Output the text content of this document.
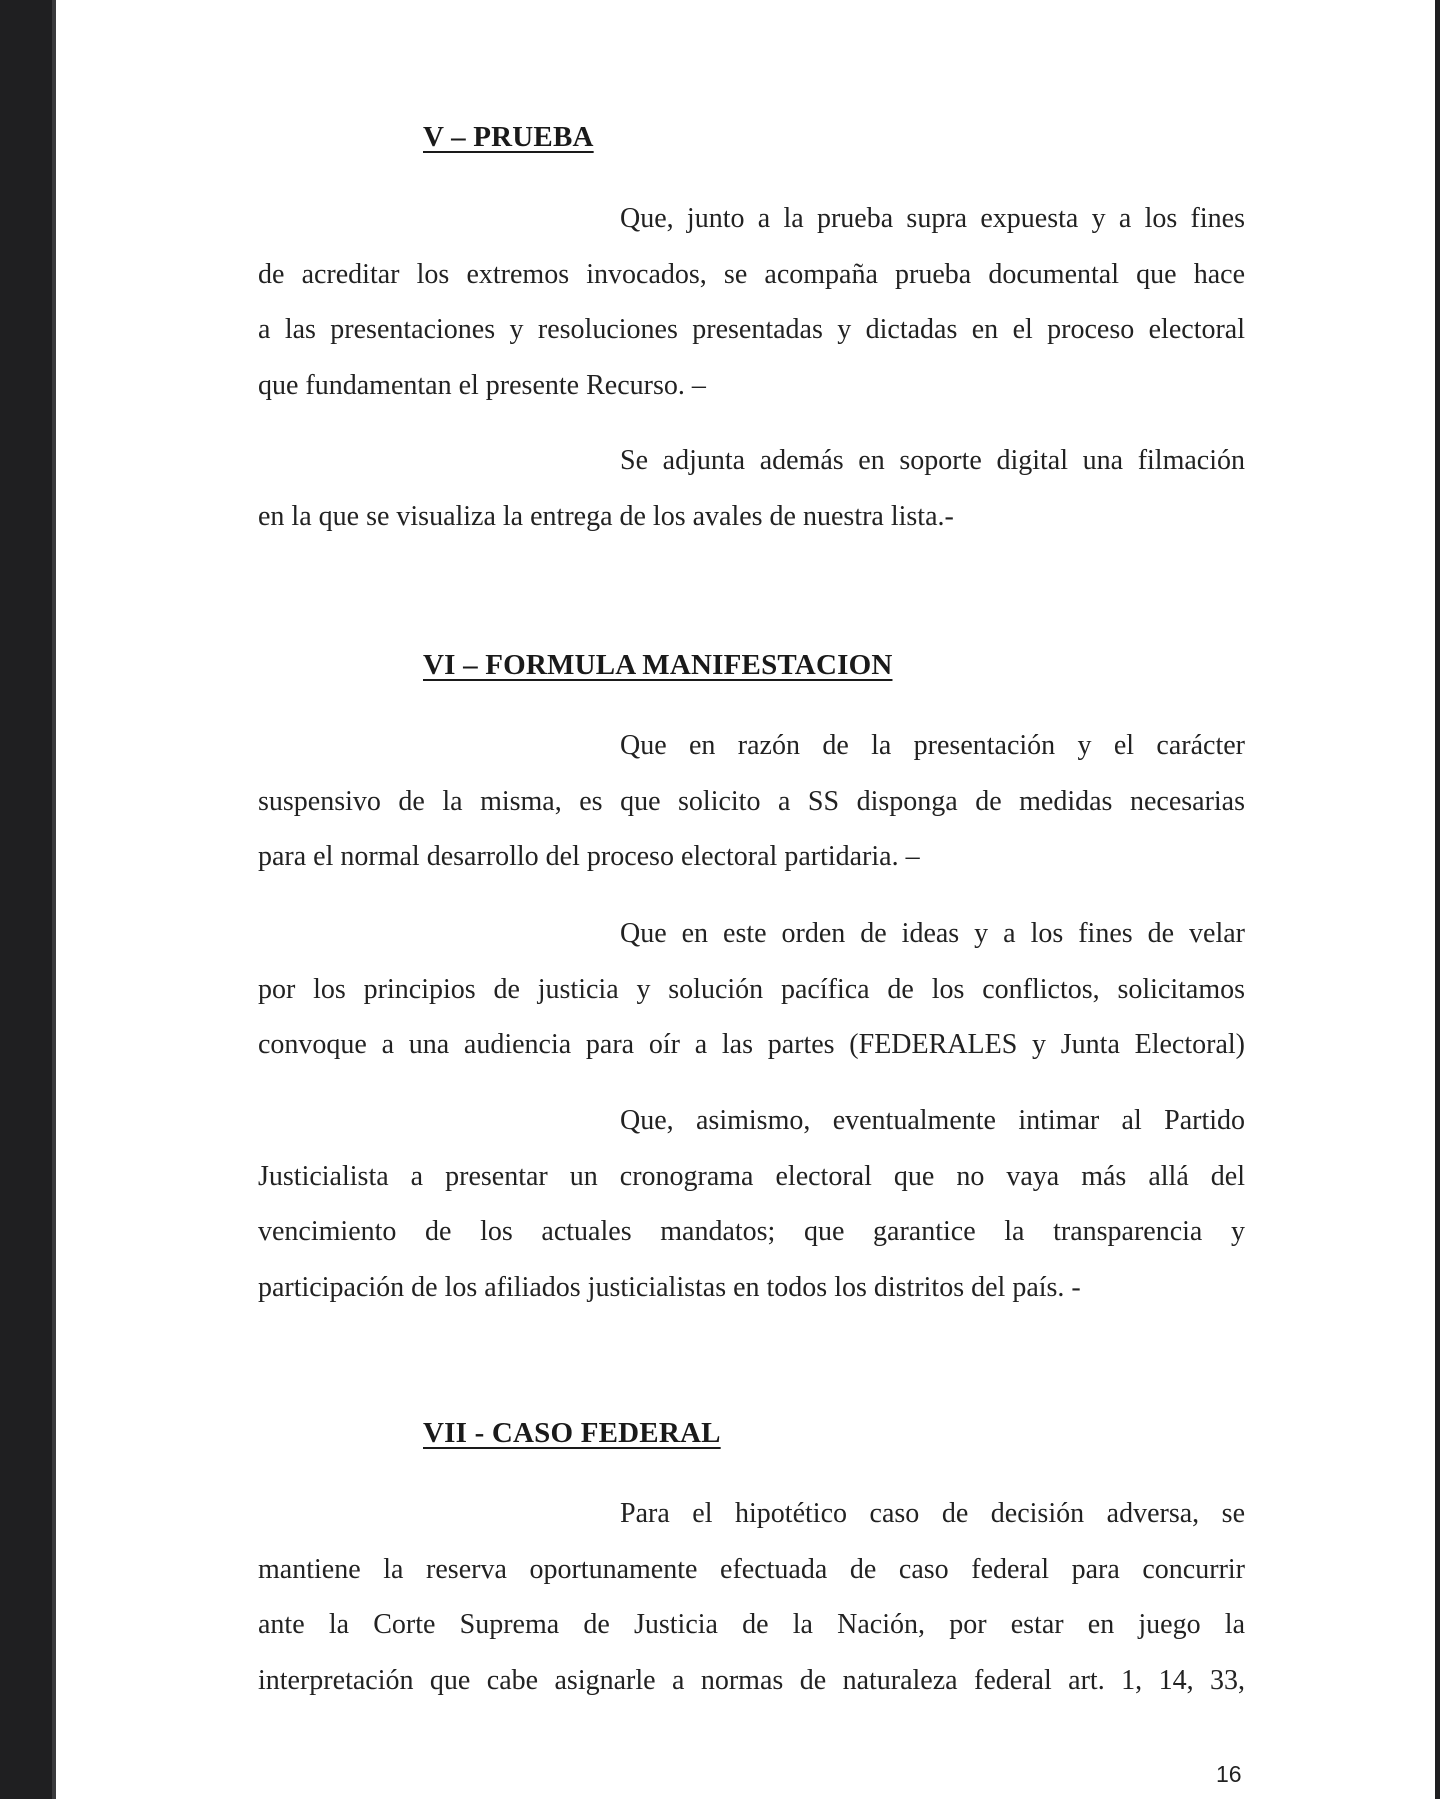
V – PRUEBA
Que, junto a la prueba supra expuesta y a los fines
de acreditar los extremos invocados, se acompaña prueba documental que hace
a las presentaciones y resoluciones presentadas y dictadas en el proceso electoral
que fundamentan el presente Recurso. –
Se adjunta además en soporte digital una filmación
en la que se visualiza la entrega de los avales de nuestra lista.-
VI – FORMULA MANIFESTACION
Que en razón de la presentación y el carácter
suspensivo de la misma, es que solicito a SS disponga de medidas necesarias
para el normal desarrollo del proceso electoral partidaria. –
Que en este orden de ideas y a los fines de velar
por los principios de justicia y solución pacífica de los conflictos, solicitamos
convoque a una audiencia para oír a las partes (FEDERALES y Junta Electoral)
Que, asimismo, eventualmente intimar al Partido
Justicialista a presentar un cronograma electoral que no vaya más allá del
vencimiento de los actuales mandatos; que garantice la transparencia y
participación de los afiliados justicialistas en todos los distritos del país. -
VII - CASO FEDERAL
Para el hipotético caso de decisión adversa, se
mantiene la reserva oportunamente efectuada de caso federal para concurrir
ante la Corte Suprema de Justicia de la Nación, por estar en juego la
interpretación que cabe asignarle a normas de naturaleza federal art. 1, 14, 33,
16
